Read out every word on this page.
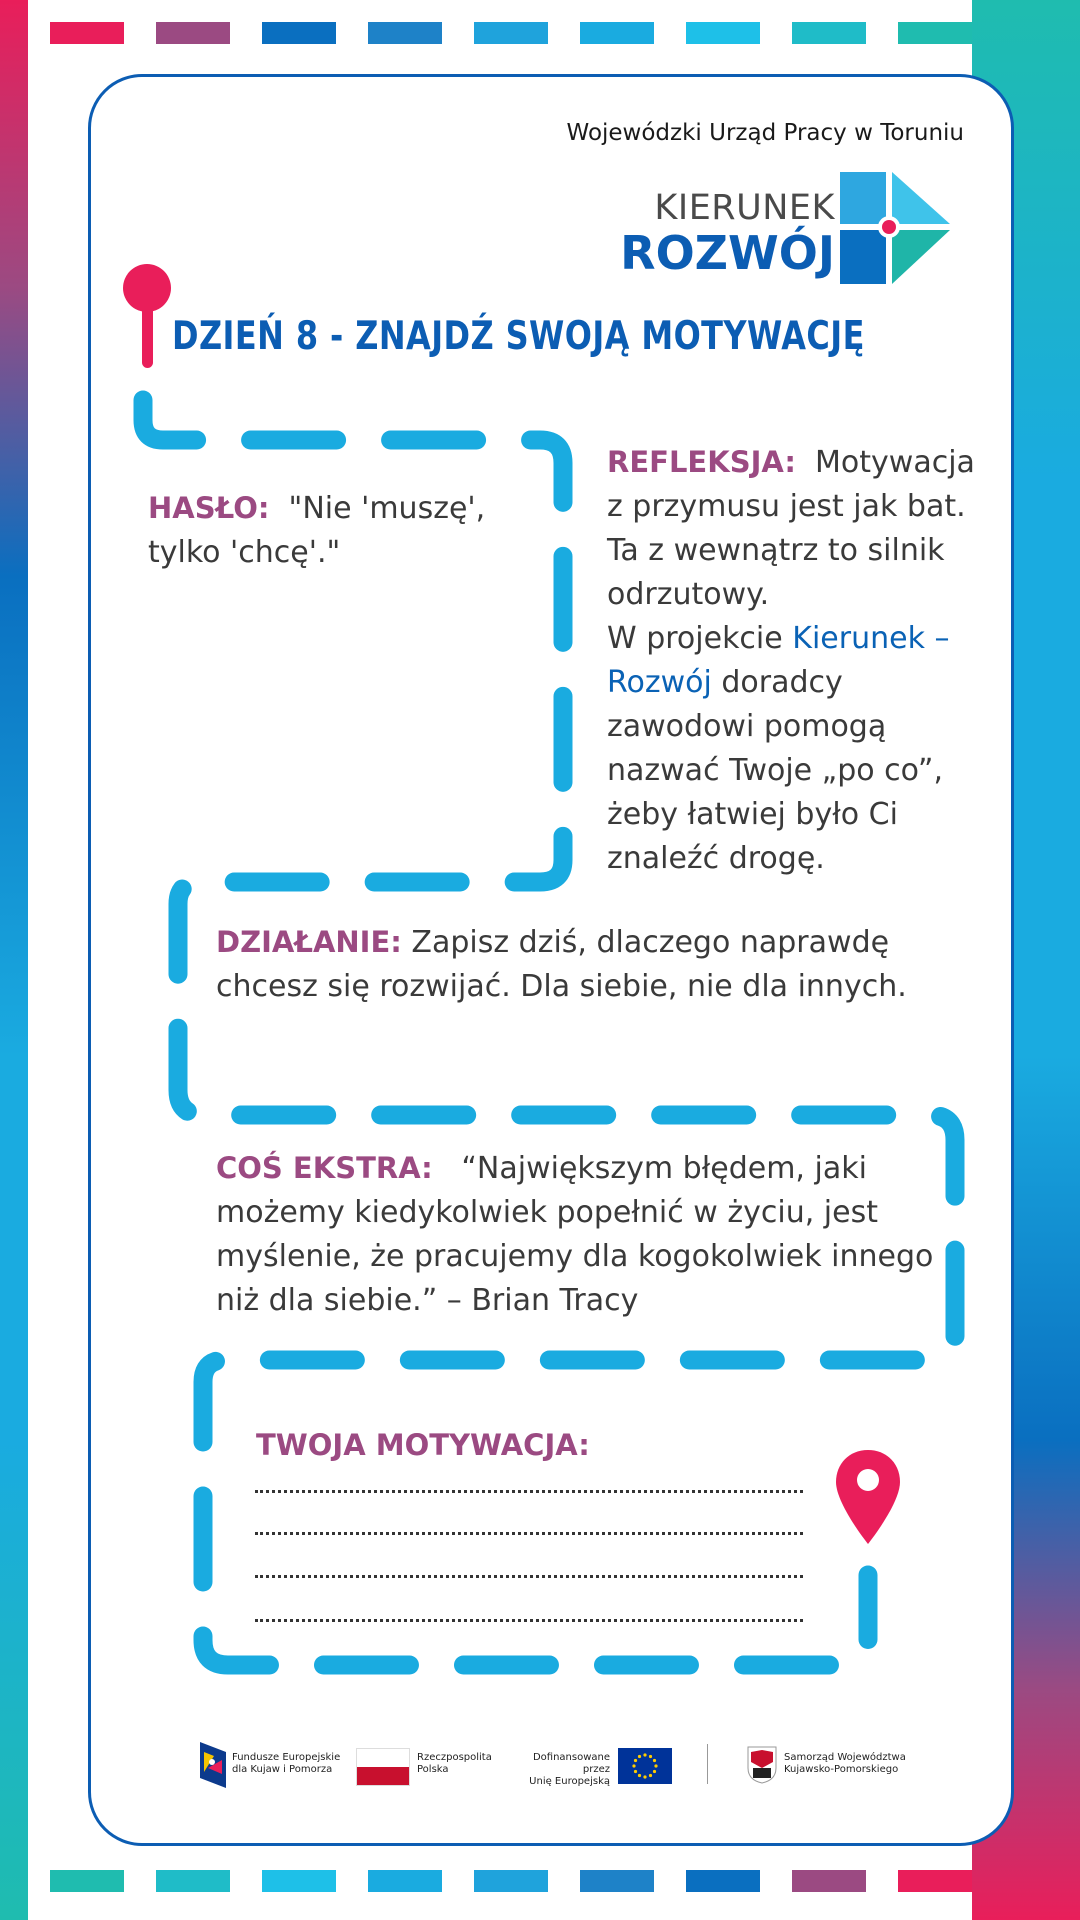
Wojewódzki Urząd Pracy w Toruniu
KIERUNEK
ROZWÓJ
DZIEŃ 8 - ZNAJDŹ SWOJĄ MOTYWACJĘ
HASŁO: "Nie 'muszę', tylko 'chcę'."
REFLEKSJA: Motywacja z przymusu jest jak bat. Ta z wewnątrz to silnik odrzutowy.
W projekcie Kierunek – Rozwój doradcy zawodowi pomogą nazwać Twoje „po co”, żeby łatwiej było Ci znaleźć drogę.
DZIAŁANIE: Zapisz dziś, dlaczego naprawdę chcesz się rozwijać. Dla siebie, nie dla innych.
COŚ EKSTRA: “Największym błędem, jaki możemy kiedykolwiek popełnić w życiu, jest myślenie, że pracujemy dla kogokolwiek innego niż dla siebie.” – Brian Tracy
TWOJA MOTYWACJA:
Fundusze Europejskie
dla Kujaw i Pomorza
Rzeczpospolita
Polska
Dofinansowane przez
Unię Europejską
Samorząd Województwa
Kujawsko-Pomorskiego
